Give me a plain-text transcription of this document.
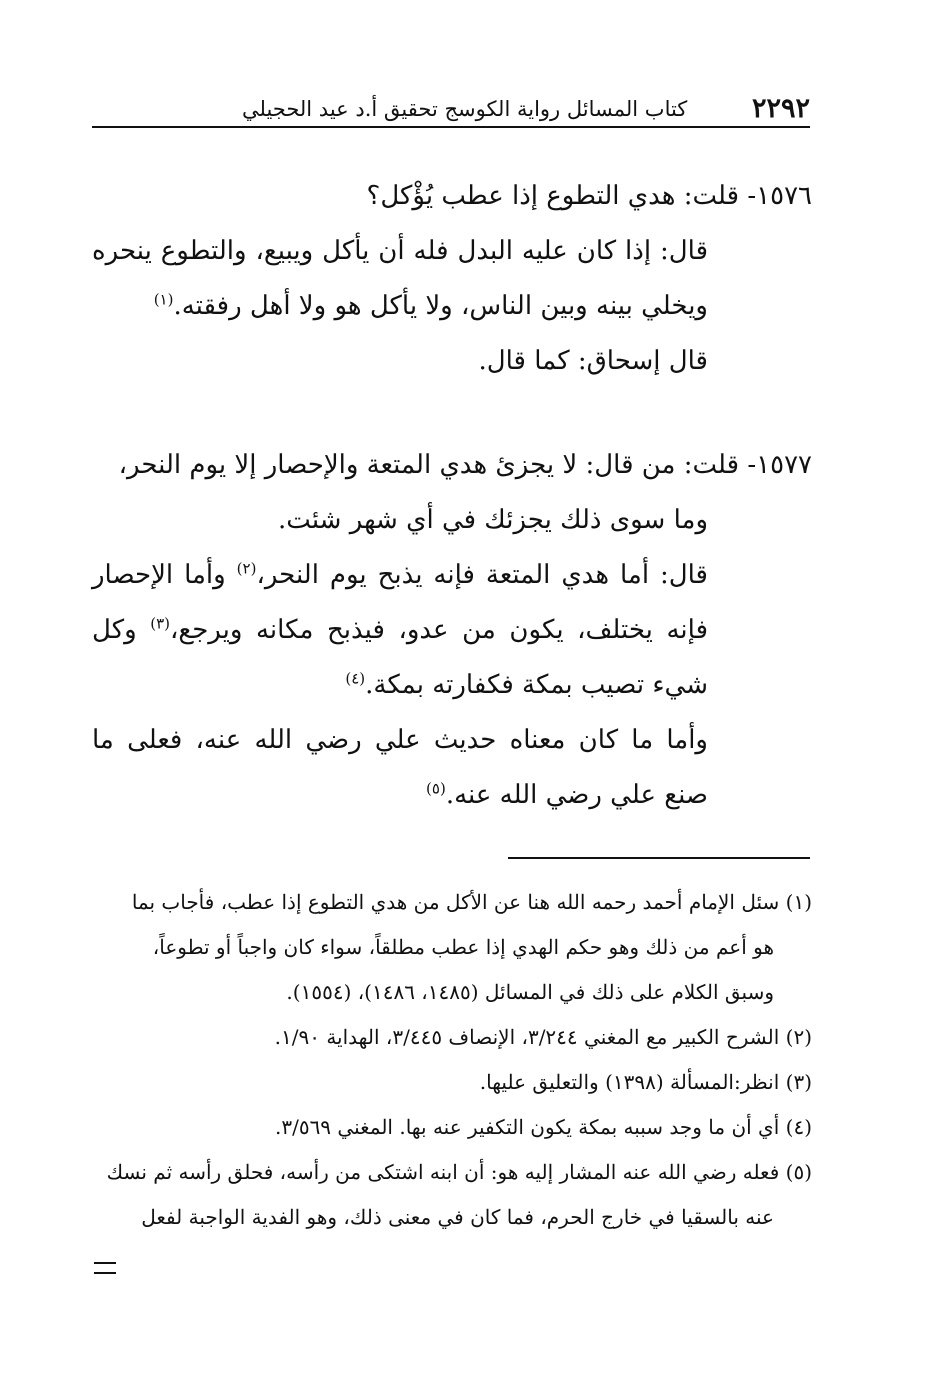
٢٢٩٢
كتاب المسائل رواية الكوسج تحقيق أ.د عيد الحجيلي

١٥٧٦- قلت: هدي التطوع إذا عطب يُؤْكل؟

قال: إذا كان عليه البدل فله أن يأكل ويبيع، والتطوع ينحره ويخلي بينه وبين الناس، ولا يأكل هو ولا أهل رفقته.$^{(١)}$

قال إسحاق: كما قال.

١٥٧٧- قلت: من قال: لا يجزئ هدي المتعة والإحصار إلا يوم النحر،

وما سوى ذلك يجزئك في أي شهر شئت.

قال: أما هدي المتعة فإنه يذبح يوم النحر،$^{(٢)}$ وأما الإحصار فإنه يختلف، يكون من عدو، فيذبح مكانه ويرجع،$^{(٣)}$ وكل شيء تصيب بمكة فكفارته بمكة.$^{(٤)}$

وأما ما كان معناه حديث علي رضي الله عنه، فعلى ما صنع علي رضي الله عنه.$^{(٥)}$

(١) سئل الإمام أحمد رحمه الله هنا عن الأكل من هدي التطوع إذا عطب، فأجاب بما
هو أعم من ذلك وهو حكم الهدي إذا عطب مطلقاً، سواء كان واجباً أو تطوعاً،
وسبق الكلام على ذلك في المسائل (١٤٨٥، ١٤٨٦)، (١٥٥٤).

(٢) الشرح الكبير مع المغني ٣/٢٤٤، الإنصاف ٣/٤٤٥، الهداية ١/٩٠.

(٣) انظر:المسألة (١٣٩٨) والتعليق عليها.

(٤) أي أن ما وجد سببه بمكة يكون التكفير عنه بها. المغني ٣/٥٦٩.

(٥) فعله رضي الله عنه المشار إليه هو: أن ابنه اشتكى من رأسه، فحلق رأسه ثم نسك
عنه بالسقيا في خارج الحرم، فما كان في معنى ذلك، وهو الفدية الواجبة لفعل
